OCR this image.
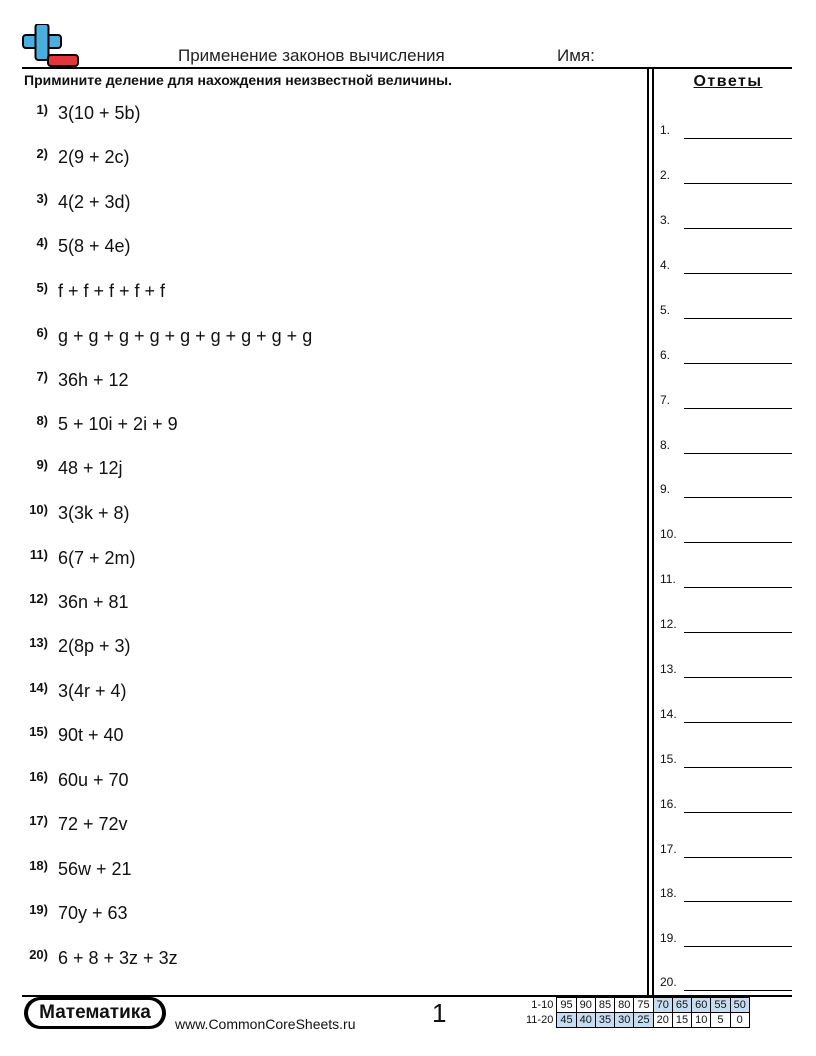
Применение законов вычисления	Имя:
Примините деление для нахождения неизвестной величины.	Ответы
1) 3(10 + 5b)
2) 2(9 + 2c)
3) 4(2 + 3d)
4) 5(8 + 4e)
5) f + f + f + f + f
6) g + g + g + g + g + g + g + g + g
7) 36h + 12
8) 5 + 10i + 2i + 9
9) 48 + 12j
10) 3(3k + 8)
11) 6(7 + 2m)
12) 36n + 81
13) 2(8p + 3)
14) 3(4r + 4)
15) 90t + 40
16) 60u + 70
17) 72 + 72v
18) 56w + 21
19) 70y + 63
20) 6 + 8 + 3z + 3z
1.
2.
3.
4.
5.
6.
7.
8.
9.
10.
11.
12.
13.
14.
15.
16.
17.
18.
19.
20.
Математика
www.CommonCoreSheets.ru	1	1-10	95	90	85	80	75	70	65	60	55	50
11-20	45	40	35	30	25	20	15	10	5	0
